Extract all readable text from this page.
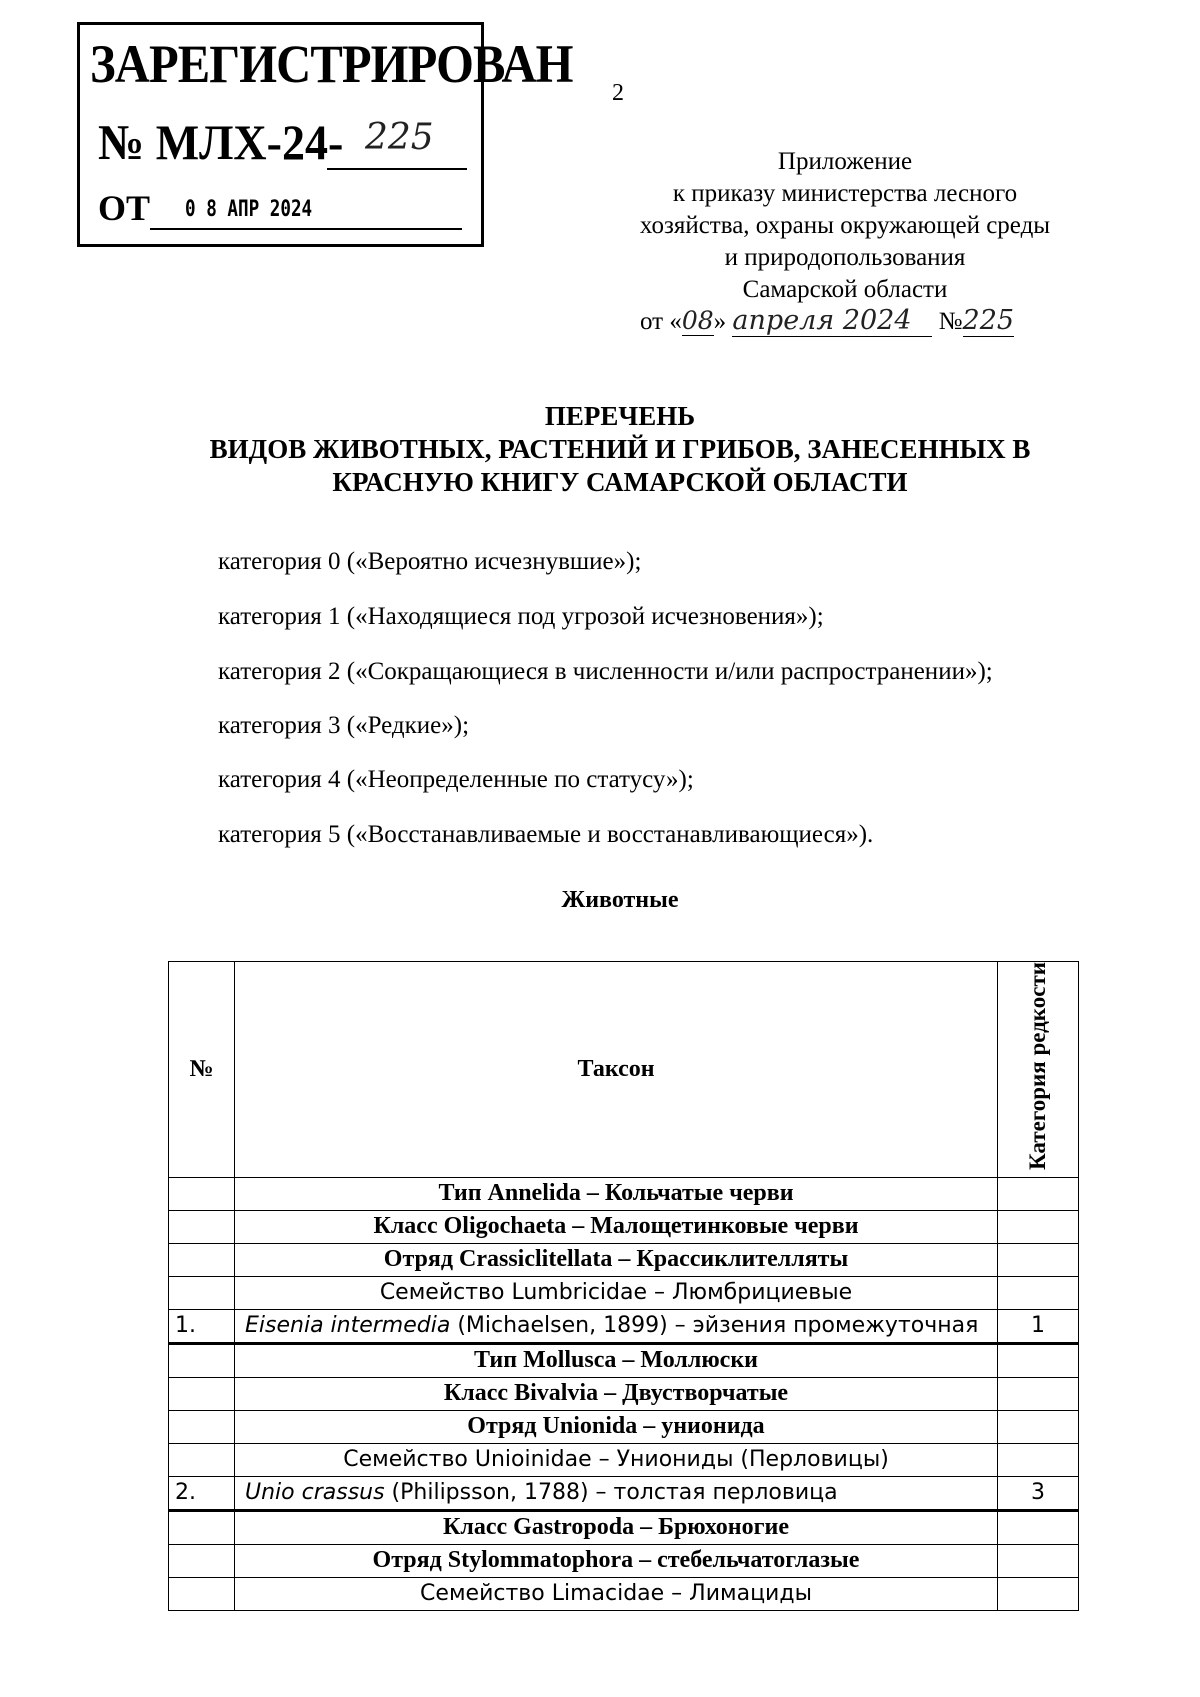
ЗАРЕГИСТРИРОВАН
№ МЛХ-24- 225
ОТ 0 8 АПР 2024
2
Приложение
к приказу министерства лесного
хозяйства, охраны окружающей среды
и природопользования
Самарской области
от «08» апреля 2024 №225
ПЕРЕЧЕНЬ
ВИДОВ ЖИВОТНЫХ, РАСТЕНИЙ И ГРИБОВ, ЗАНЕСЕННЫХ В
КРАСНУЮ КНИГУ САМАРСКОЙ ОБЛАСТИ
категория 0 («Вероятно исчезнувшие»);
категория 1 («Находящиеся под угрозой исчезновения»);
категория 2 («Сокращающиеся в численности и/или распространении»);
категория 3 («Редкие»);
категория 4 («Неопределенные по статусу»);
категория 5 («Восстанавливаемые и восстанавливающиеся»).
Животные
№	Таксон	Категория редкости
	Тип Annelida – Кольчатые черви	
	Класс Oligochaeta – Малощетинковые черви	
	Отряд Crassiclitellata – Крассиклителляты	
	Семейство Lumbricidae – Люмбрициевые	
1.	Eisenia intermedia (Michaelsen, 1899) – эйзения промежуточная	1
	Тип Mollusca – Моллюски	
	Класс Bivalvia – Двустворчатые	
	Отряд Unionida – унионида	
	Семейство Unioinidae – Униониды (Перловицы)	
2.	Unio crassus (Philipsson, 1788) – толстая перловица	3
	Класс Gastropoda – Брюхоногие	
	Отряд Stylommatophora – стебельчатоглазые	
	Семейство Limacidae – Лимациды	
